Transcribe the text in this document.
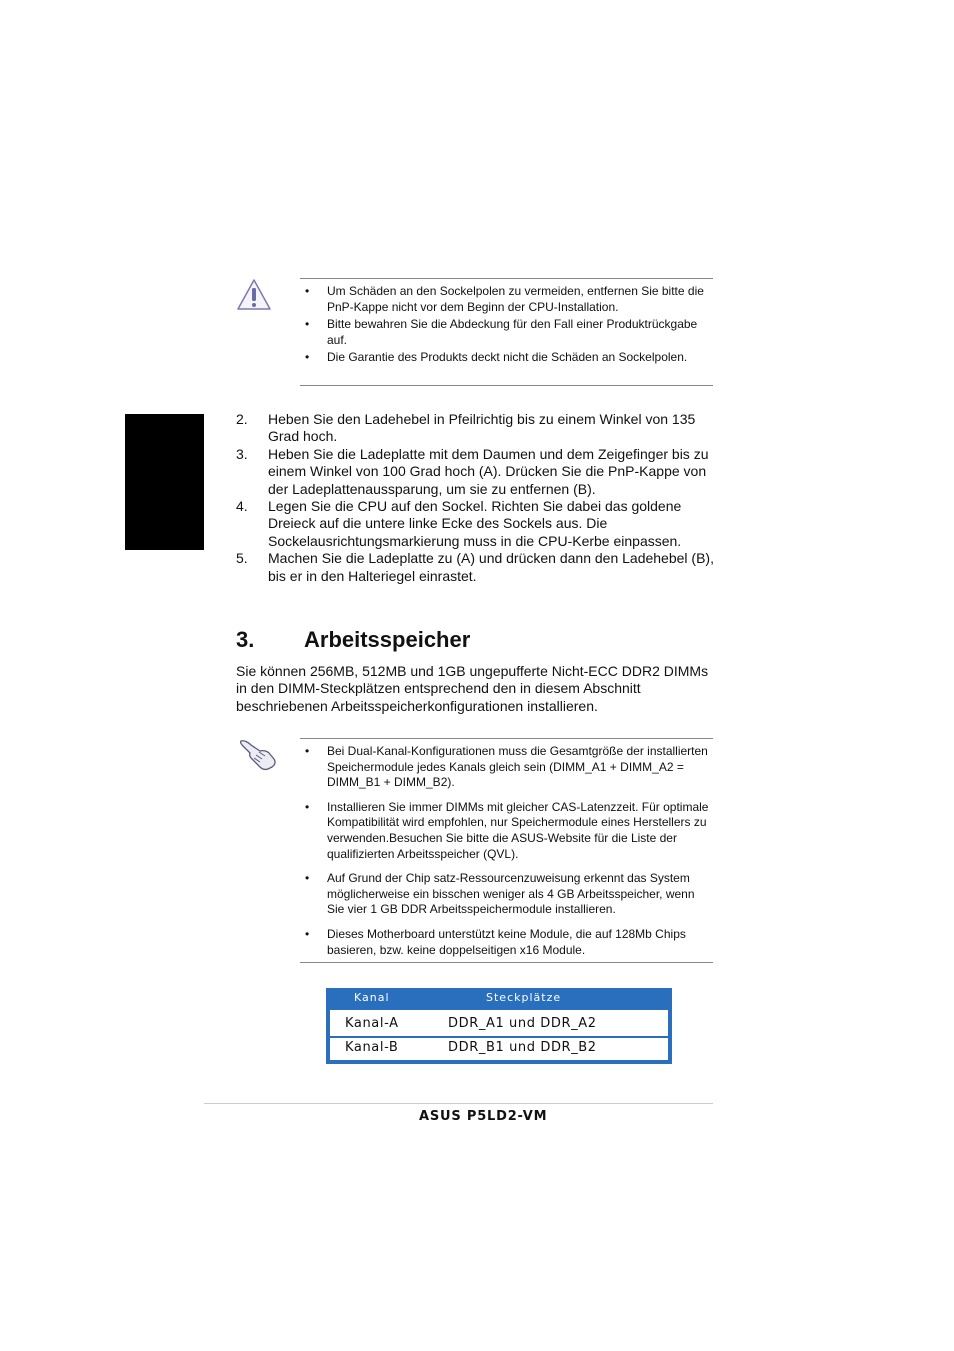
• Um Schäden an den Sockelpolen zu vermeiden, entfernen Sie bitte die PnP-Kappe nicht vor dem Beginn der CPU-Installation.
• Bitte bewahren Sie die Abdeckung für den Fall einer Produktrückgabe auf.
• Die Garantie des Produkts deckt nicht die Schäden an Sockelpolen.
2. Heben Sie den Ladehebel in Pfeilrichtig bis zu einem Winkel von 135 Grad hoch.
3. Heben Sie die Ladeplatte mit dem Daumen und dem Zeigefinger bis zu einem Winkel von 100 Grad hoch (A). Drücken Sie die PnP-Kappe von der Ladeplattenaussparung, um sie zu entfernen (B).
4. Legen Sie die CPU auf den Sockel. Richten Sie dabei das goldene Dreieck auf die untere linke Ecke des Sockels aus. Die Sockelausrichtungsmarkierung muss in die CPU-Kerbe einpassen.
5. Machen Sie die Ladeplatte zu (A) und drücken dann den Ladehebel (B), bis er in den Halteriegel einrastet.
3. Arbeitsspeicher

Sie können 256MB, 512MB und 1GB ungepufferte Nicht-ECC DDR2 DIMMs in den DIMM-Steckplätzen entsprechend den in diesem Abschnitt beschriebenen Arbeitsspeicherkonfigurationen installieren.

• Bei Dual-Kanal-Konfigurationen muss die Gesamtgröße der installierten Speichermodule jedes Kanals gleich sein (DIMM_A1 + DIMM_A2 = DIMM_B1 + DIMM_B2).
• Installieren Sie immer DIMMs mit gleicher CAS-Latenzzeit. Für optimale Kompatibilität wird empfohlen, nur Speichermodule eines Herstellers zu verwenden.Besuchen Sie bitte die ASUS-Website für die Liste der qualifizierten Arbeitsspeicher (QVL).
• Auf Grund der Chip satz-Ressourcenzuweisung erkennt das System möglicherweise ein bisschen weniger als 4 GB Arbeitsspeicher, wenn Sie vier 1 GB DDR Arbeitsspeichermodule installieren.
• Dieses Motherboard unterstützt keine Module, die auf 128Mb Chips basieren, bzw. keine doppelseitigen x16 Module.
Kanal	Steckplätze
Kanal-A	DDR_A1 und DDR_A2
Kanal-B	DDR_B1 und DDR_B2
ASUS P5LD2-VM
